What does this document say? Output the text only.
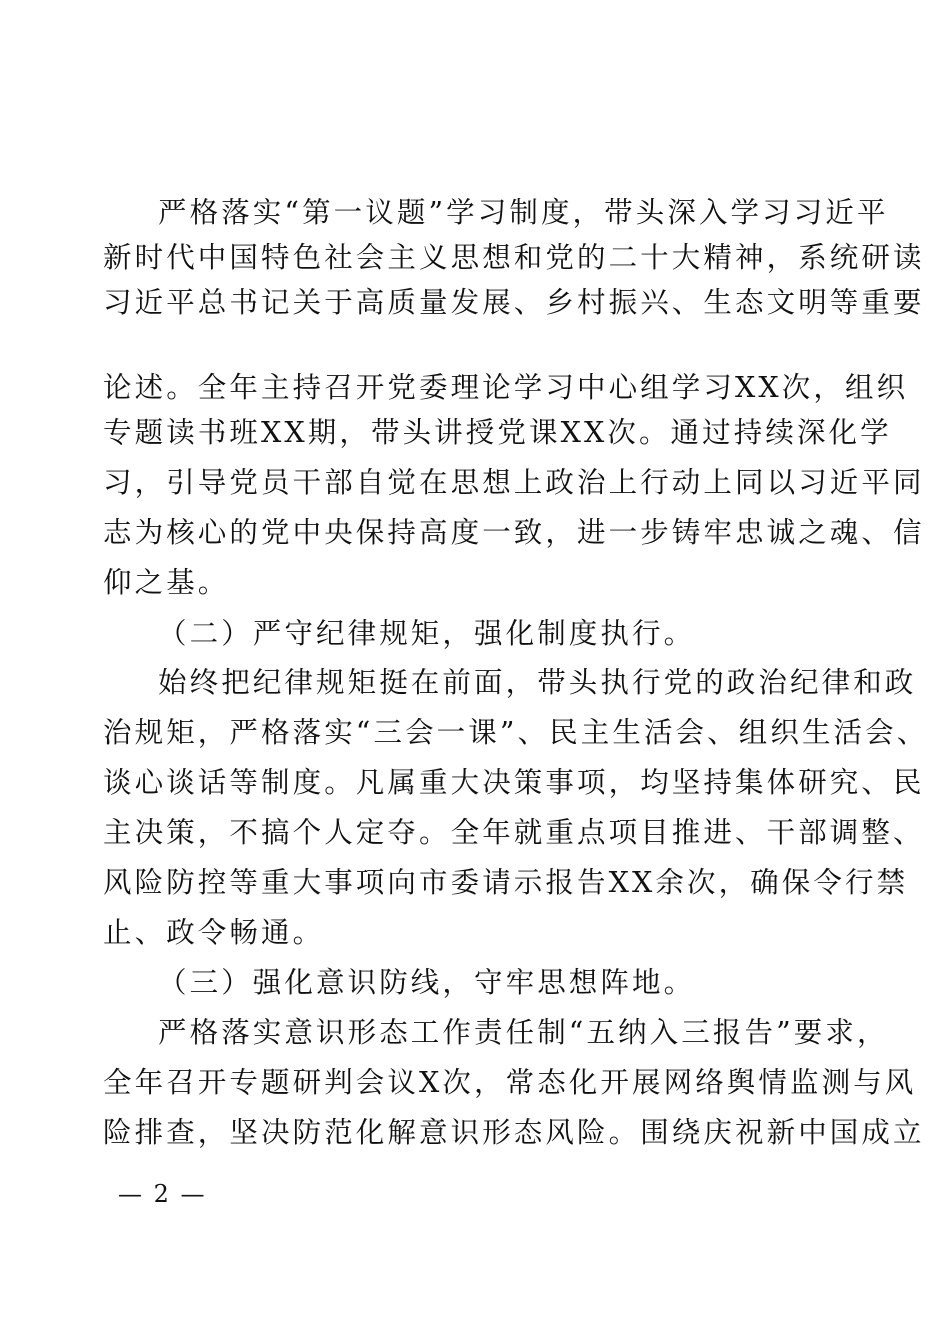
严格落实“第一议题”学习制度，带头深入学习习近平
新时代中国特色社会主义思想和党的二十大精神，系统研读
习近平总书记关于高质量发展、乡村振兴、生态文明等重要
论述。全年主持召开党委理论学习中心组学习XX次，组织
专题读书班XX期，带头讲授党课XX次。通过持续深化学
习，引导党员干部自觉在思想上政治上行动上同以习近平同
志为核心的党中央保持高度一致，进一步铸牢忠诚之魂、信
仰之基。
（二）严守纪律规矩，强化制度执行。
始终把纪律规矩挺在前面，带头执行党的政治纪律和政
治规矩，严格落实“三会一课”、民主生活会、组织生活会、
谈心谈话等制度。凡属重大决策事项，均坚持集体研究、民
主决策，不搞个人定夺。全年就重点项目推进、干部调整、
风险防控等重大事项向市委请示报告XX余次，确保令行禁
止、政令畅通。
（三）强化意识防线，守牢思想阵地。
严格落实意识形态工作责任制“五纳入三报告”要求，
全年召开专题研判会议X次，常态化开展网络舆情监测与风
险排查，坚决防范化解意识形态风险。围绕庆祝新中国成立
— 2 —
